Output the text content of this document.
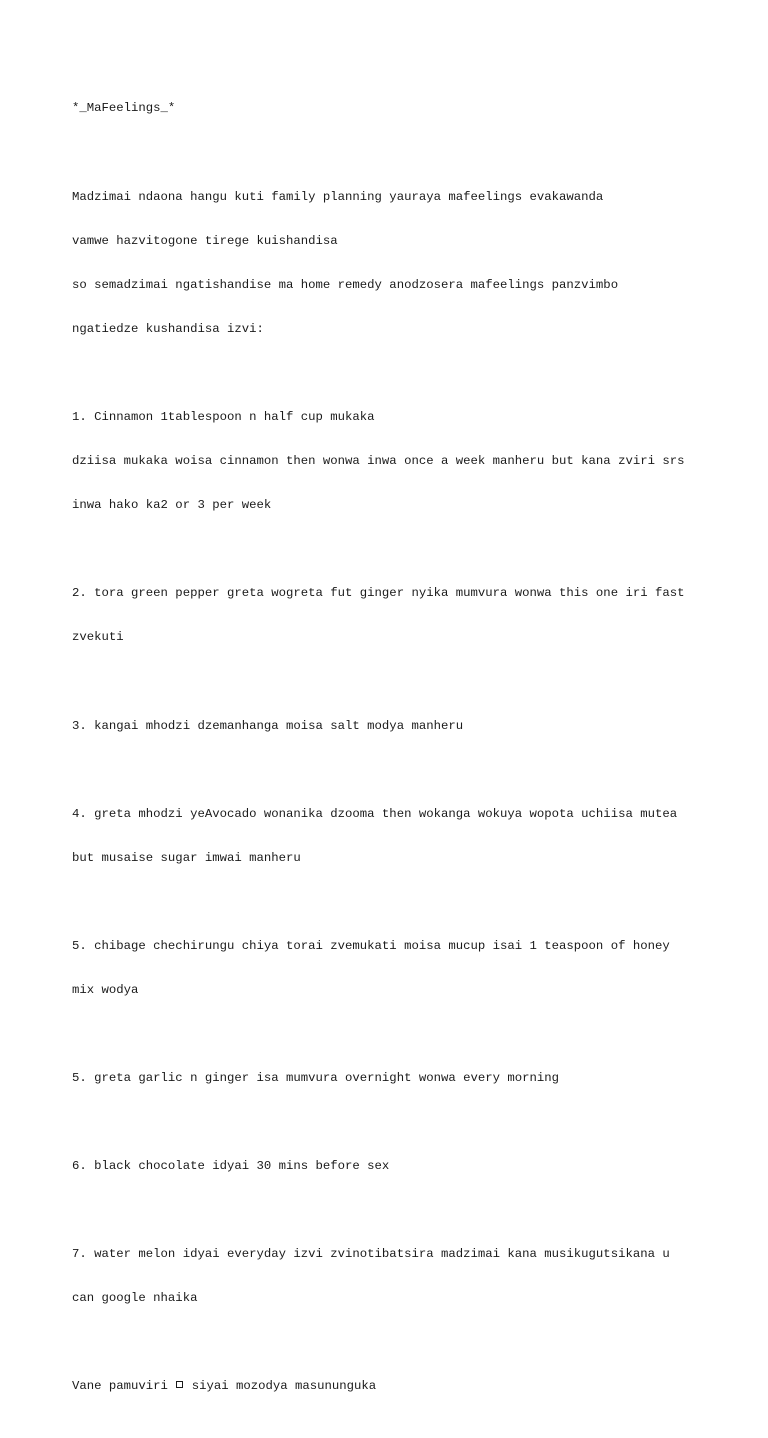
*_MaFeelings_*

Madzimai ndaona hangu kuti family planning yauraya mafeelings evakawanda

vamwe hazvitogone tirege kuishandisa

so semadzimai ngatishandise ma home remedy anodzosera mafeelings panzvimbo

ngatiedze kushandisa izvi:

1. Cinnamon 1tablespoon n half cup mukaka

dziisa mukaka woisa cinnamon then wonwa inwa once a week manheru but kana zviri srs

inwa hako ka2 or 3 per week

2. tora green pepper greta wogreta fut ginger nyika mumvura wonwa this one iri fast

zvekuti

3. kangai mhodzi dzemanhanga moisa salt modya manheru

4. greta mhodzi yeAvocado wonanika dzooma then wokanga wokuya wopota uchiisa mutea

but musaise sugar imwai manheru

5. chibage chechirungu chiya torai zvemukati moisa mucup isai 1 teaspoon of honey

mix wodya

5. greta garlic n ginger isa mumvura overnight wonwa every morning

6. black chocolate idyai 30 mins before sex

7. water melon idyai everyday izvi zvinotibatsira madzimai kana musikugutsikana u

can google nhaika

Vane pamuviri  siyai mozodya masununguka
